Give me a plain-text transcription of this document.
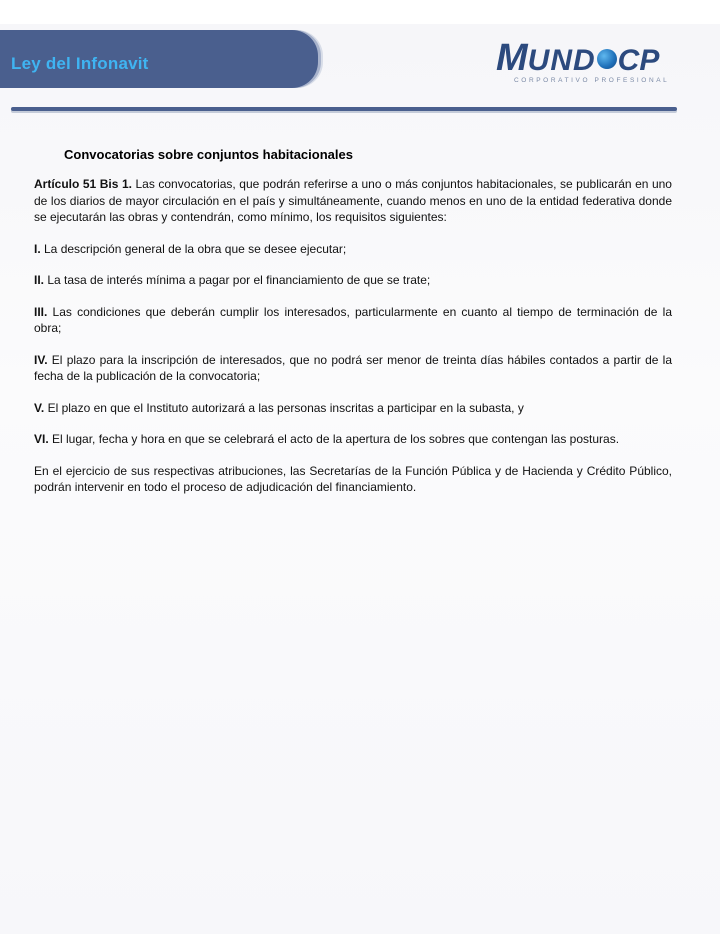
Ley del Infonavit	MUND CP
CORPORATIVO PROFESIONAL
Convocatorias sobre conjuntos habitacionales

Artículo 51 Bis 1. Las convocatorias, que podrán referirse a uno o más conjuntos habitacionales, se publicarán en uno de los diarios de mayor circulación en el país y simultáneamente, cuando menos en uno de la entidad federativa donde se ejecutarán las obras y contendrán, como mínimo, los requisitos siguientes:

I. La descripción general de la obra que se desee ejecutar;

II. La tasa de interés mínima a pagar por el financiamiento de que se trate;

III. Las condiciones que deberán cumplir los interesados, particularmente en cuanto al tiempo de terminación de la obra;

IV. El plazo para la inscripción de interesados, que no podrá ser menor de treinta días hábiles contados a partir de la fecha de la publicación de la convocatoria;

V. El plazo en que el Instituto autorizará a las personas inscritas a participar en la subasta, y

VI. El lugar, fecha y hora en que se celebrará el acto de la apertura de los sobres que contengan las posturas.

En el ejercicio de sus respectivas atribuciones, las Secretarías de la Función Pública y de Hacienda y Crédito Público, podrán intervenir en todo el proceso de adjudicación del financiamiento.
